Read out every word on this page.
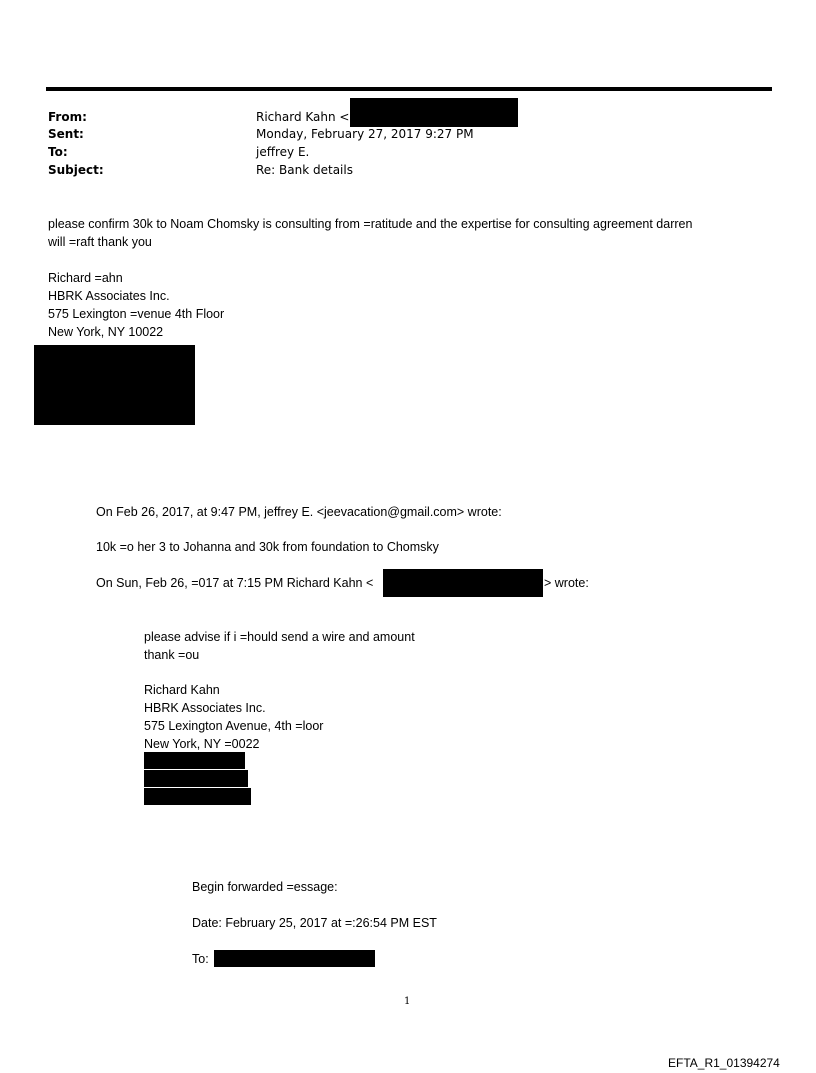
From:	Richard Kahn <
Sent:	Monday, February 27, 2017 9:27 PM
To:	jeffrey E.
Subject:	Re: Bank details
please confirm 30k to Noam Chomsky is consulting from =ratitude and the expertise for consulting agreement darren
will =raft thank you
Richard =ahn
HBRK Associates Inc.
575 Lexington =venue 4th Floor
New York, NY 10022
On Feb 26, 2017, at 9:47 PM, jeffrey E. <jeevacation@gmail.com> wrote:
10k =o her 3 to Johanna and 30k from foundation to Chomsky
On Sun, Feb 26, =017 at 7:15 PM Richard Kahn <	> wrote:
please advise if i =hould send a wire and amount
thank =ou
Richard Kahn
HBRK Associates Inc.
575 Lexington Avenue, 4th =loor
New York, NY =0022
Begin forwarded =essage:
Date: February 25, 2017 at =:26:54 PM EST
To:
1
EFTA_R1_01394274
